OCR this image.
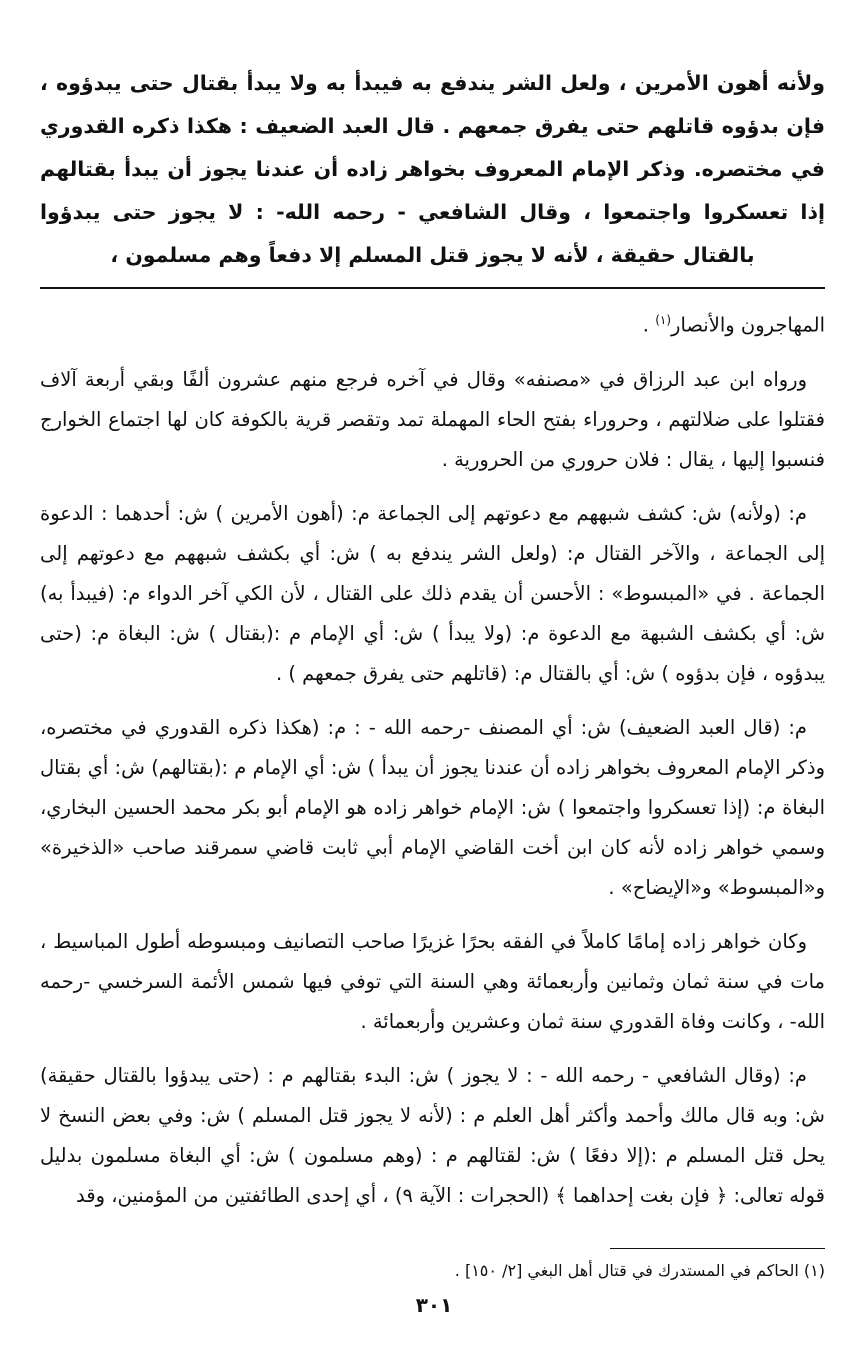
ولأنه أهون الأمرين ، ولعل الشر يندفع به فيبدأ به ولا يبدأ بقتال حتى يبدؤوه ، فإن بدؤوه قاتلهم حتى يفرق جمعهم . قال العبد الضعيف : هكذا ذكره القدوري في مختصره. وذكر الإمام المعروف بخواهر زاده أن عندنا يجوز أن يبدأ بقتالهم إذا تعسكروا واجتمعوا ، وقال الشافعي - رحمه الله- : لا يجوز حتى يبدؤوا بالقتال حقيقة ، لأنه لا يجوز قتل المسلم إلا دفعاً وهم مسلمون ،

المهاجرون والأنصار$^{(١)}$ .

ورواه ابن عبد الرزاق في «مصنفه» وقال في آخره فرجع منهم عشرون ألفًا وبقي أربعة آلاف فقتلوا على ضلالتهم ، وحروراء بفتح الحاء المهملة تمد وتقصر قرية بالكوفة كان لها اجتماع الخوارج فنسبوا إليها ، يقال : فلان حروري من الحرورية .

م: (ولأنه) ش: كشف شبههم مع دعوتهم إلى الجماعة م: (أهون الأمرين ) ش: أحدهما : الدعوة إلى الجماعة ، والآخر القتال م: (ولعل الشر يندفع به ) ش: أي بكشف شبههم مع دعوتهم إلى الجماعة . في «المبسوط» : الأحسن أن يقدم ذلك على القتال ، لأن الكي آخر الدواء م: (فيبدأ به) ش: أي بكشف الشبهة مع الدعوة م: (ولا يبدأ ) ش: أي الإمام م :(بقتال ) ش: البغاة م: (حتى يبدؤوه ، فإن بدؤوه ) ش: أي بالقتال م: (قاتلهم حتى يفرق جمعهم ) .

م: (قال العبد الضعيف) ش: أي المصنف -رحمه الله - : م: (هكذا ذكره القدوري في مختصره، وذكر الإمام المعروف بخواهر زاده أن عندنا يجوز أن يبدأ ) ش: أي الإمام م :(بقتالهم) ش: أي بقتال البغاة م: (إذا تعسكروا واجتمعوا ) ش: الإمام خواهر زاده هو الإمام أبو بكر محمد الحسين البخاري، وسمي خواهر زاده لأنه كان ابن أخت القاضي الإمام أبي ثابت قاضي سمرقند صاحب «الذخيرة» و«المبسوط» و«الإيضاح» .

وكان خواهر زاده إمامًا كاملاً في الفقه بحرًا غزيرًا صاحب التصانيف ومبسوطه أطول المباسيط ، مات في سنة ثمان وثمانين وأربعمائة وهي السنة التي توفي فيها شمس الأئمة السرخسي -رحمه الله- ، وكانت وفاة القدوري سنة ثمان وعشرين وأربعمائة .

م: (وقال الشافعي - رحمه الله - : لا يجوز ) ش: البدء بقتالهم م : (حتى يبدؤوا بالقتال حقيقة) ش: وبه قال مالك وأحمد وأكثر أهل العلم م : (لأنه لا يجوز قتل المسلم ) ش: وفي بعض النسخ لا يحل قتل المسلم م :(إلا دفعًا ) ش: لقتالهم م : (وهم مسلمون ) ش: أي البغاة مسلمون بدليل قوله تعالى: ﴿ فإن بغت إحداهما ﴾ (الحجرات : الآية ٩) ، أي إحدى الطائفتين من المؤمنين، وقد

(١) الحاكم في المستدرك في قتال أهل البغي [٢/ ١٥٠] .
٣٠١
